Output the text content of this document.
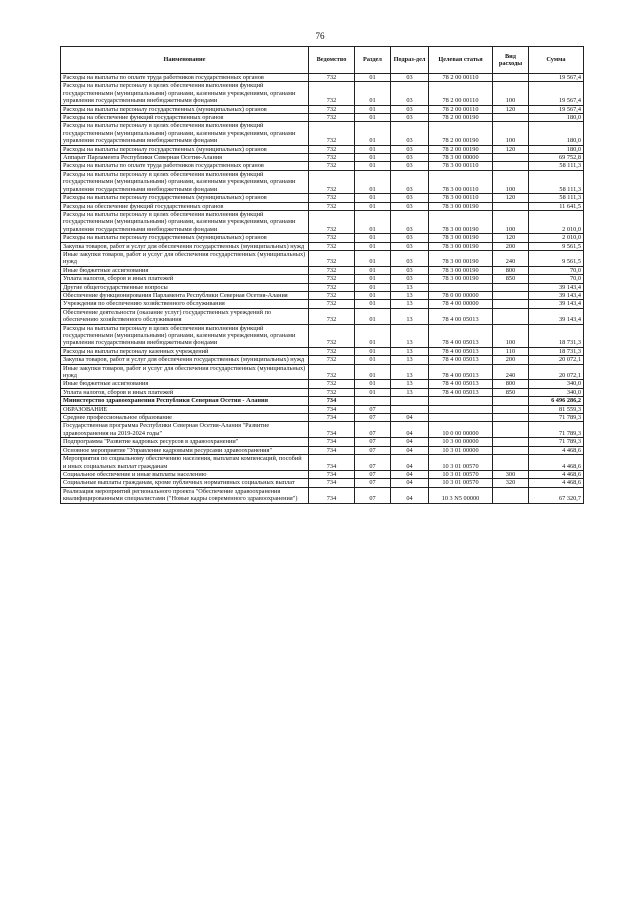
76
Наименование	Ведомство	Раздел	Подраз-дел	Целевая статья	Вид расходы	Сумма
Расходы на выплаты по оплате труда работников государственных органов	732	01	03	78 2 00 00110		19 567,4
Расходы на выплаты персоналу в целях обеспечения выполнения функций государственными (муниципальными) органами, казенными учреждениями, органами управления государственными внебюджетными фондами	732	01	03	78 2 00 00110	100	19 567,4
Расходы на выплаты персоналу государственных (муниципальных) органов	732	01	03	78 2 00 00110	120	19 567,4
Расходы на обеспечение функций государственных органов	732	01	03	78 2 00 00190		180,0
Расходы на выплаты персоналу в целях обеспечения выполнения функций государственными (муниципальными) органами, казенными учреждениями, органами управления государственными внебюджетными фондами	732	01	03	78 2 00 00190	100	180,0
Расходы на выплаты персоналу государственных (муниципальных) органов	732	01	03	78 2 00 00190	120	180,0
Аппарат Парламента Республики Северная Осетия-Алания	732	01	03	78 3 00 00000		69 752,8
Расходы на выплаты по оплате труда работников государственных органов	732	01	03	78 3 00 00110		58 111,3
Расходы на выплаты персоналу в целях обеспечения выполнения функций государственными (муниципальными) органами, казенными учреждениями, органами управления государственными внебюджетными фондами	732	01	03	78 3 00 00110	100	58 111,3
Расходы на выплаты персоналу государственных (муниципальных) органов	732	01	03	78 3 00 00110	120	58 111,3
Расходы на обеспечение функций государственных органов	732	01	03	78 3 00 00190		11 641,5
Расходы на выплаты персоналу в целях обеспечения выполнения функций государственными (муниципальными) органами, казенными учреждениями, органами управления государственными внебюджетными фондами	732	01	03	78 3 00 00190	100	2 010,0
Расходы на выплаты персоналу государственных (муниципальных) органов	732	01	03	78 3 00 00190	120	2 010,0
Закупка товаров, работ и услуг для обеспечения государственных (муниципальных) нужд	732	01	03	78 3 00 00190	200	9 561,5
Иные закупки товаров, работ и услуг для обеспечения государственных (муниципальных) нужд	732	01	03	78 3 00 00190	240	9 561,5
Иные бюджетные ассигнования	732	01	03	78 3 00 00190	800	70,0
Уплата налогов, сборов и иных платежей	732	01	03	78 3 00 00190	850	70,0
Другие общегосударственные вопросы	732	01	13			39 143,4
Обеспечение функционирования Парламента Республики Северная Осетия-Алания	732	01	13	78 0 00 00000		39 143,4
Учреждения по обеспечению хозяйственного обслуживания	732	01	13	78 4 00 00000		39 143,4
Обеспечение деятельности (оказание услуг) государственных учреждений по обеспечению хозяйственного обслуживания	732	01	13	78 4 00 05013		39 143,4
Расходы на выплаты персоналу в целях обеспечения выполнения функций государственными (муниципальными) органами, казенными учреждениями, органами управления государственными внебюджетными фондами	732	01	13	78 4 00 05013	100	18 731,3
Расходы на выплаты персоналу казенных учреждений	732	01	13	78 4 00 05013	110	18 731,3
Закупка товаров, работ и услуг для обеспечения государственных (муниципальных) нужд	732	01	13	78 4 00 05013	200	20 072,1
Иные закупки товаров, работ и услуг для обеспечения государственных (муниципальных) нужд	732	01	13	78 4 00 05013	240	20 072,1
Иные бюджетные ассигнования	732	01	13	78 4 00 05013	800	340,0
Уплата налогов, сборов и иных платежей	732	01	13	78 4 00 05013	850	340,0
Министерство здравоохранения Республики Северная Осетия - Алания	734					6 496 286,2
ОБРАЗОВАНИЕ	734	07				81 559,3
Среднее профессиональное образование	734	07	04			71 789,3
Государственная программа Республики Северная Осетия-Алания "Развитие здравоохранения на 2019-2024 годы"	734	07	04	10 0 00 00000		71 789,3
Подпрограмма "Развитие кадровых ресурсов в здравоохранении"	734	07	04	10 3 00 00000		71 789,3
Основное мероприятие "Управление кадровыми ресурсами здравоохранения"	734	07	04	10 3 01 00000		4 468,6
Мероприятия по социальному обеспечению населения, выплатам компенсаций, пособий и иных социальных выплат гражданам	734	07	04	10 3 01 00570		4 468,6
Социальное обеспечение и иные выплаты населению	734	07	04	10 3 01 00570	300	4 468,6
Социальные выплаты гражданам, кроме публичных нормативных социальных выплат	734	07	04	10 3 01 00570	320	4 468,6
Реализация мероприятий регионального проекта "Обеспечение здравоохранения квалифицированными специалистами ("Новые кадры современного здравоохранения")	734	07	04	10 3 N5 00000		67 320,7
